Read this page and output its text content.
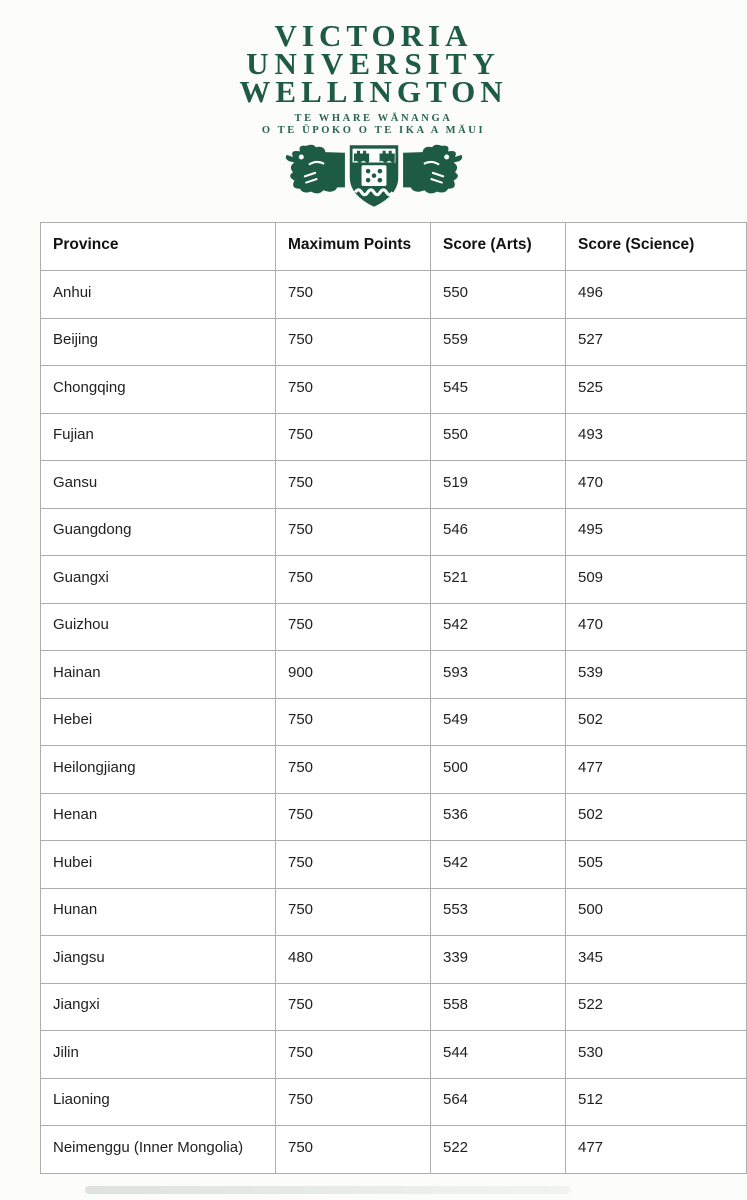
VICTORIA
UNIVERSITY
WELLINGTON
TE WHARE WĀNANGA
O TE ŪPOKO O TE IKA A MĀUI
Province	Maximum Points	Score (Arts)	Score (Science)
Anhui	750	550	496
Beijing	750	559	527
Chongqing	750	545	525
Fujian	750	550	493
Gansu	750	519	470
Guangdong	750	546	495
Guangxi	750	521	509
Guizhou	750	542	470
Hainan	900	593	539
Hebei	750	549	502
Heilongjiang	750	500	477
Henan	750	536	502
Hubei	750	542	505
Hunan	750	553	500
Jiangsu	480	339	345
Jiangxi	750	558	522
Jilin	750	544	530
Liaoning	750	564	512
Neimenggu (Inner Mongolia)	750	522	477
